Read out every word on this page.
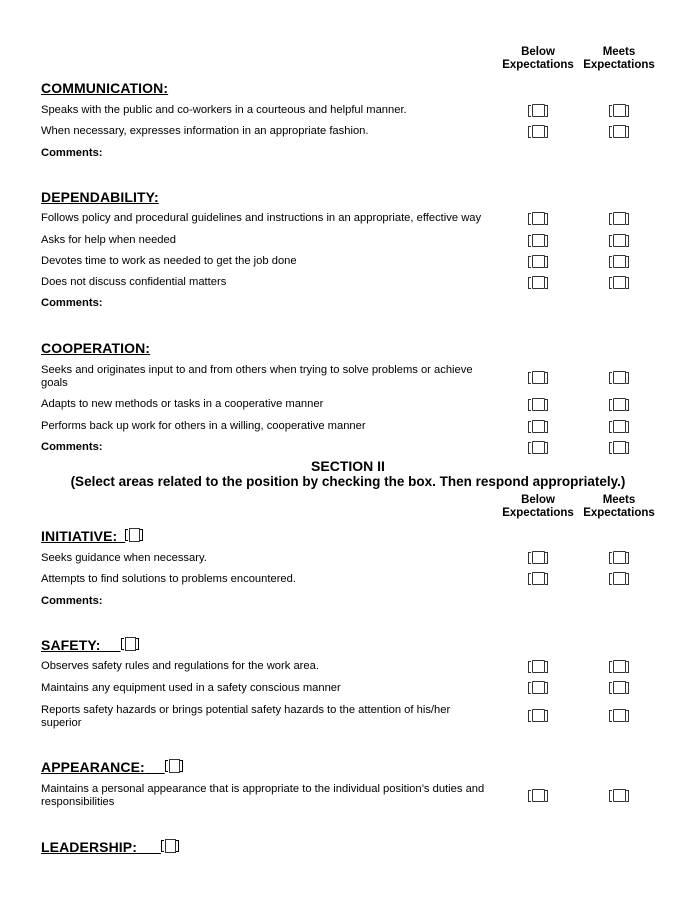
Below
Expectations
Meets
Expectations
COMMUNICATION:
Speaks with the public and co-workers in a courteous and helpful manner.
When necessary, expresses information in an appropriate fashion.
Comments:
DEPENDABILITY:
Follows policy and procedural guidelines and instructions in an appropriate, effective way
Asks for help when needed
Devotes time to work as needed to get the job done
Does not discuss confidential matters
Comments:
COOPERATION:
Seeks and originates input to and from others when trying to solve problems or achieve goals
Adapts to new methods or tasks in a cooperative manner
Performs back up work for others in a willing, cooperative manner
Comments:
SECTION II
(Select areas related to the position by checking the box. Then respond appropriately.)
Below
Expectations
Meets
Expectations
INITIATIVE:
Seeks guidance when necessary.
Attempts to find solutions to problems encountered.
Comments:
SAFETY:
Observes safety rules and regulations for the work area.
Maintains any equipment used in a safety conscious manner
Reports safety hazards or brings potential safety hazards to the attention of his/her superior
APPEARANCE:
Maintains a personal appearance that is appropriate to the individual position’s duties and responsibilities
LEADERSHIP:
